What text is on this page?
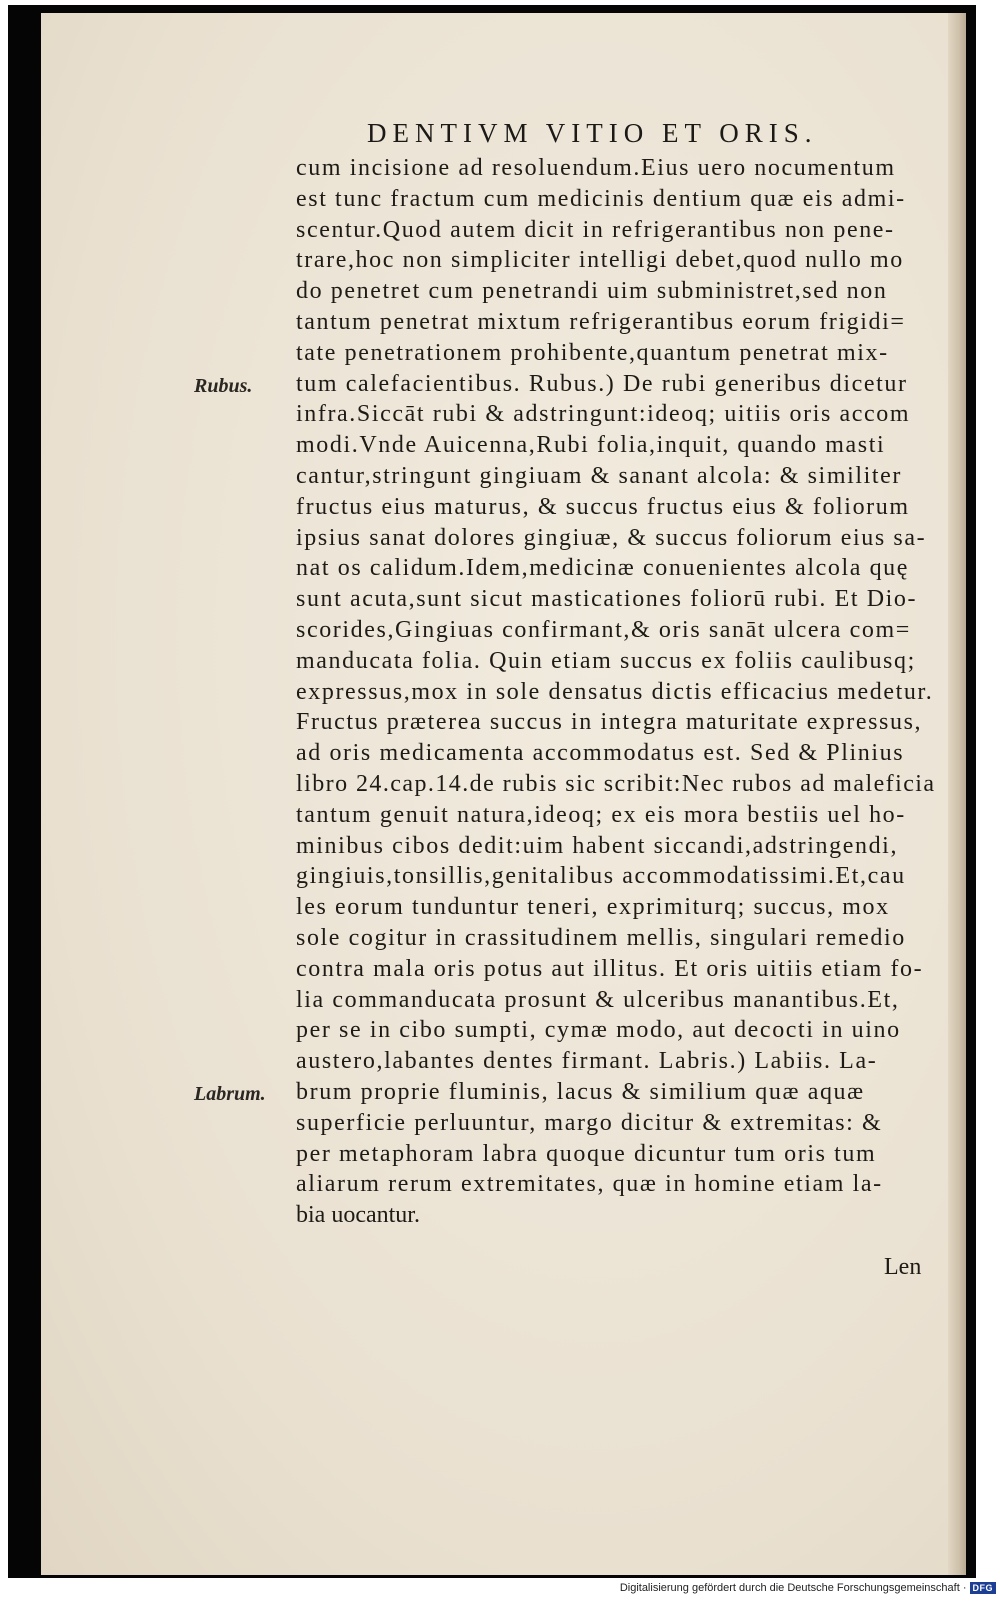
DENTIVM VITIO ET ORIS.
cum incisione ad resoluendum.Eius uero nocumentum
est tunc fractum cum medicinis dentium quæ eis admi-
scentur.Quod autem dicit in refrigerantibus non pene-
trare,hoc non simpliciter intelligi debet,quod nullo mo
do penetret cum penetrandi uim subministret,sed non
tantum penetrat mixtum refrigerantibus eorum frigidi=
tate penetrationem prohibente,quantum penetrat mix-
tum calefacientibus. Rubus.) De rubi generibus dicetur
infra.Siccāt rubi & adstringunt:ideoq; uitiis oris accom
modi.Vnde Auicenna,Rubi folia,inquit, quando masti
cantur,stringunt gingiuam & sanant alcola: & similiter
fructus eius maturus, & succus fructus eius & foliorum
ipsius sanat dolores gingiuæ, & succus foliorum eius sa-
nat os calidum.Idem,medicinæ conuenientes alcola quę
sunt acuta,sunt sicut masticationes foliorū rubi. Et Dio-
scorides,Gingiuas confirmant,& oris sanāt ulcera com=
manducata folia. Quin etiam succus ex foliis caulibusq;
expressus,mox in sole densatus dictis efficacius medetur.
Fructus præterea succus in integra maturitate expressus,
ad oris medicamenta accommodatus est. Sed & Plinius
libro 24.cap.14.de rubis sic scribit:Nec rubos ad maleficia
tantum genuit natura,ideoq; ex eis mora bestiis uel ho-
minibus cibos dedit:uim habent siccandi,adstringendi,
gingiuis,tonsillis,genitalibus accommodatissimi.Et,cau
les eorum tunduntur teneri, exprimiturq; succus, mox
sole cogitur in crassitudinem mellis, singulari remedio
contra mala oris potus aut illitus. Et oris uitiis etiam fo-
lia commanducata prosunt & ulceribus manantibus.Et,
per se in cibo sumpti, cymæ modo, aut decocti in uino
austero,labantes dentes firmant. Labris.) Labiis. La-
brum proprie fluminis, lacus & similium quæ aquæ
superficie perluuntur, margo dicitur & extremitas: &
per metaphoram labra quoque dicuntur tum oris tum
aliarum rerum extremitates, quæ in homine etiam la-
bia uocantur.
Rubus.
Labrum.
Len
Digitalisierung gefördert durch die Deutsche Forschungsgemeinschaft · DFG
